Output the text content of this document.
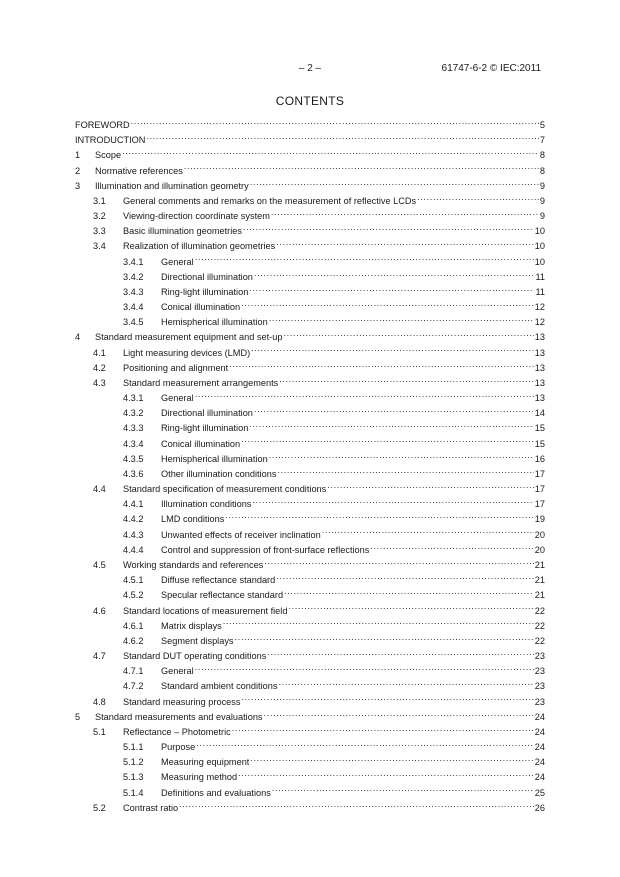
– 2 –	61747-6-2 © IEC:2011
CONTENTS
FOREWORD .....	5
INTRODUCTION .....	7
1	Scope .....	8
2	Normative references .....	8
3	Illumination and illumination geometry .....	9
3.1	General comments and remarks on the measurement of reflective LCDs .....	9
3.2	Viewing-direction coordinate system .....	9
3.3	Basic illumination geometries .....	10
3.4	Realization of illumination geometries .....	10
3.4.1	General .....	10
3.4.2	Directional illumination .....	11
3.4.3	Ring-light illumination .....	11
3.4.4	Conical illumination .....	12
3.4.5	Hemispherical illumination .....	12
4	Standard measurement equipment and set-up .....	13
4.1	Light measuring devices (LMD) .....	13
4.2	Positioning and alignment .....	13
4.3	Standard measurement arrangements .....	13
4.3.1	General .....	13
4.3.2	Directional illumination .....	14
4.3.3	Ring-light illumination .....	15
4.3.4	Conical illumination .....	15
4.3.5	Hemispherical illumination .....	16
4.3.6	Other illumination conditions .....	17
4.4	Standard specification of measurement conditions .....	17
4.4.1	Illumination conditions .....	17
4.4.2	LMD conditions .....	19
4.4.3	Unwanted effects of receiver inclination .....	20
4.4.4	Control and suppression of front-surface reflections .....	20
4.5	Working standards and references .....	21
4.5.1	Diffuse reflectance standard .....	21
4.5.2	Specular reflectance standard .....	21
4.6	Standard locations of measurement field .....	22
4.6.1	Matrix displays .....	22
4.6.2	Segment displays .....	22
4.7	Standard DUT operating conditions .....	23
4.7.1	General .....	23
4.7.2	Standard ambient conditions .....	23
4.8	Standard measuring process .....	23
5	Standard measurements and evaluations .....	24
5.1	Reflectance – Photometric .....	24
5.1.1	Purpose .....	24
5.1.2	Measuring equipment .....	24
5.1.3	Measuring method .....	24
5.1.4	Definitions and evaluations .....	25
5.2	Contrast ratio .....	26
